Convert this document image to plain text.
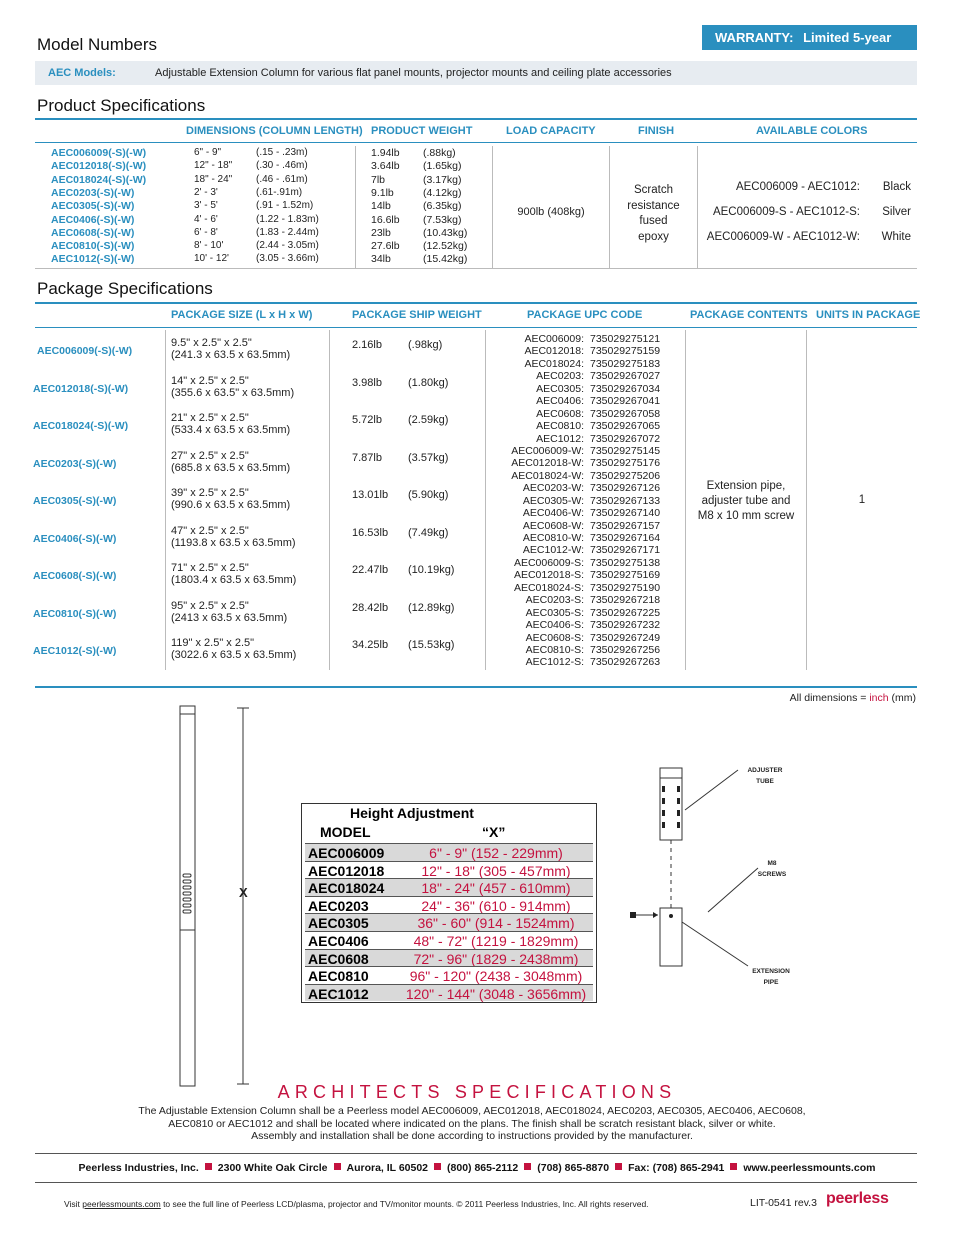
Model Numbers	WARRANTY: Limited 5-year
AEC Models:	Adjustable Extension Column for various flat panel mounts, projector mounts and ceiling plate accessories
Product Specifications
DIMENSIONS (COLUMN LENGTH) PRODUCT WEIGHT	LOAD CAPACITY	FINISH	AVAILABLE COLORS
AEC006009(-S)(-W)	6" - 9"	(.15 - .23m)	1.94lb (.88kg)
AEC012018(-S)(-W)	12" - 18" (.30 - .46m)	3.64lb (1.65kg)
AEC018024(-S)(-W)	18" - 24" (.46 - .61m)	7lb	(3.17kg)
AEC0203(-S)(-W)	2' - 3'	(.61-.91m)	9.1lb	(4.12kg)
AEC0305(-S)(-W)	3' - 5'	(.91 - 1.52m)	14lb	(6.35kg)
AEC0406(-S)(-W)	4' - 6'	(1.22 - 1.83m)	16.6lb (7.53kg)
AEC0608(-S)(-W)	6' - 8'	(1.83 - 2.44m)	23lb	(10.43kg)
AEC0810(-S)(-W)	8' - 10'	(2.44 - 3.05m)	27.6lb (12.52kg)
AEC1012(-S)(-W)	10' - 12'	(3.05 - 3.66m)	34lb	(15.42kg)
900lb (408kg)
Scratch
resistance
fused
epoxy
AEC006009 - AEC1012: Black
AEC006009-S - AEC1012-S: Silver
AEC006009-W - AEC1012-W: White
Package Specifications
PACKAGE SIZE (L x H x W)	PACKAGE SHIP WEIGHT	PACKAGE UPC CODE	PACKAGE CONTENTS UNITS IN PACKAGE
AEC006009(-S)(-W)
9.5" x 2.5" x 2.5"
(241.3 x 63.5 x 63.5mm)
2.16lb (.98kg)
AEC012018(-S)(-W)
14" x 2.5" x 2.5"
(355.6 x 63.5" x 63.5mm)
3.98lb (1.80kg)
AEC018024(-S)(-W)
21" x 2.5" x 2.5"
(533.4 x 63.5 x 63.5mm)
5.72lb (2.59kg)
AEC0203(-S)(-W)
27" x 2.5" x 2.5"
(685.8 x 63.5 x 63.5mm)
7.87lb (3.57kg)
AEC0305(-S)(-W)
39" x 2.5" x 2.5"
(990.6 x 63.5 x 63.5mm)
13.01lb (5.90kg)
AEC0406(-S)(-W)
47" x 2.5" x 2.5"
(1193.8 x 63.5 x 63.5mm)
16.53lb (7.49kg)
AEC0608(-S)(-W)
71" x 2.5" x 2.5"
(1803.4 x 63.5 x 63.5mm)
22.47lb (10.19kg)
AEC0810(-S)(-W)
95" x 2.5" x 2.5"
(2413 x 63.5 x 63.5mm)
28.42lb (12.89kg)
AEC1012(-S)(-W)
119" x 2.5" x 2.5"
(3022.6 x 63.5 x 63.5mm)
34.25lb (15.53kg)
AEC006009: 735029275121
AEC012018: 735029275159
AEC018024: 735029275183
AEC0203: 735029267027
AEC0305: 735029267034
AEC0406: 735029267041
AEC0608: 735029267058
AEC0810: 735029267065
AEC1012: 735029267072
AEC006009-W: 735029275145
AEC012018-W: 735029275176
AEC018024-W: 735029275206
AEC0203-W: 735029267126
AEC0305-W: 735029267133
AEC0406-W: 735029267140
AEC0608-W: 735029267157
AEC0810-W: 735029267164
AEC1012-W: 735029267171
AEC006009-S: 735029275138
AEC012018-S: 735029275169
AEC018024-S: 735029275190
AEC0203-S: 735029267218
AEC0305-S: 735029267225
AEC0406-S: 735029267232
AEC0608-S: 735029267249
AEC0810-S: 735029267256
AEC1012-S: 735029267263
Extension pipe,
adjuster tube and
M8 x 10 mm screw
1
All dimensions = inch (mm)
X
Height Adjustment
MODEL	“X”
AEC006009	6" - 9" (152 - 229mm)
AEC012018	12" - 18" (305 - 457mm)
AEC018024	18" - 24" (457 - 610mm)
AEC0203	24" - 36" (610 - 914mm)
AEC0305	36" - 60" (914 - 1524mm)
AEC0406	48" - 72" (1219 - 1829mm)
AEC0608	72" - 96" (1829 - 2438mm)
AEC0810	96" - 120" (2438 - 3048mm)
AEC1012	120" - 144" (3048 - 3656mm)
ADJUSTER
TUBE
M8
SCREWS
EXTENSION
PIPE
ARCHITECTS SPECIFICATIONS
The Adjustable Extension Column shall be a Peerless model AEC006009, AEC012018, AEC018024, AEC0203, AEC0305, AEC0406, AEC0608,
AEC0810 or AEC1012 and shall be located where indicated on the plans. The finish shall be scratch resistant black, silver or white.
Assembly and installation shall be done according to instructions provided by the manufacturer.
Peerless Industries, Inc. 2300 White Oak Circle Aurora, IL 60502 (800) 865-2112 (708) 865-8870 Fax: (708) 865-2941 www.peerlessmounts.com
Visit peerlessmounts.com to see the full line of Peerless LCD/plasma, projector and TV/monitor mounts. © 2011 Peerless Industries, Inc. All rights reserved.	LIT-0541 rev.3 peerless
